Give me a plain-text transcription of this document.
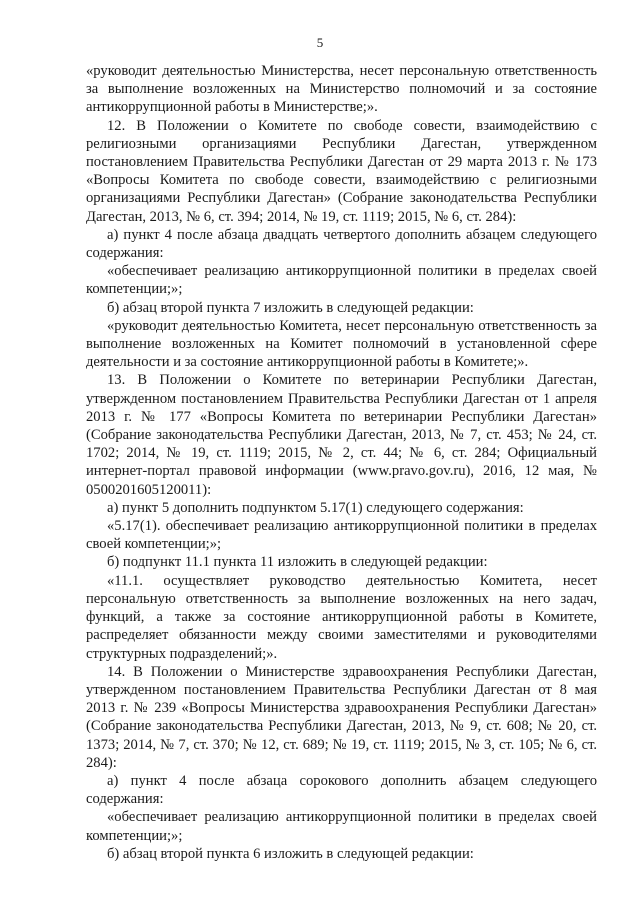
5

«руководит деятельностью Министерства, несет персональную ответственность за выполнение возложенных на Министерство полномочий и за состояние антикоррупционной работы в Министерстве;».

12. В Положении о Комитете по свободе совести, взаимодействию с религиозными организациями Республики Дагестан, утвержденном постановлением Правительства Республики Дагестан от 29 марта 2013 г. № 173 «Вопросы Комитета по свободе совести, взаимодействию с религиозными организациями Республики Дагестан» (Собрание законодательства Республики Дагестан, 2013, № 6, ст. 394; 2014, № 19, ст. 1119; 2015, № 6, ст. 284):

а) пункт 4 после абзаца двадцать четвертого дополнить абзацем следующего содержания:

«обеспечивает реализацию антикоррупционной политики в пределах своей компетенции;»;

б) абзац второй пункта 7 изложить в следующей редакции:

«руководит деятельностью Комитета, несет персональную ответственность за выполнение возложенных на Комитет полномочий в установленной сфере деятельности и за состояние антикоррупционной работы в Комитете;».

13. В Положении о Комитете по ветеринарии Республики Дагестан, утвержденном постановлением Правительства Республики Дагестан от 1 апреля 2013 г. № 177 «Вопросы Комитета по ветеринарии Республики Дагестан» (Собрание законодательства Республики Дагестан, 2013, № 7, ст. 453; № 24, ст. 1702; 2014, № 19, ст. 1119; 2015, № 2, ст. 44; № 6, ст. 284; Официальный интернет-портал правовой информации (www.pravo.gov.ru), 2016, 12 мая, № 0500201605120011):

а) пункт 5 дополнить подпунктом 5.17(1) следующего содержания:

«5.17(1). обеспечивает реализацию антикоррупционной политики в пределах своей компетенции;»;

б) подпункт 11.1 пункта 11 изложить в следующей редакции:

«11.1. осуществляет руководство деятельностью Комитета, несет персональную ответственность за выполнение возложенных на него задач, функций, а также за состояние антикоррупционной работы в Комитете, распределяет обязанности между своими заместителями и руководителями структурных подразделений;».

14. В Положении о Министерстве здравоохранения Республики Дагестан, утвержденном постановлением Правительства Республики Дагестан от 8 мая 2013 г. № 239 «Вопросы Министерства здравоохранения Республики Дагестан» (Собрание законодательства Республики Дагестан, 2013, № 9, ст. 608; № 20, ст. 1373; 2014, № 7, ст. 370; № 12, ст. 689; № 19, ст. 1119; 2015, № 3, ст. 105; № 6, ст. 284):

а) пункт 4 после абзаца сорокового дополнить абзацем следующего содержания:

«обеспечивает реализацию антикоррупционной политики в пределах своей компетенции;»;

б) абзац второй пункта 6 изложить в следующей редакции:
